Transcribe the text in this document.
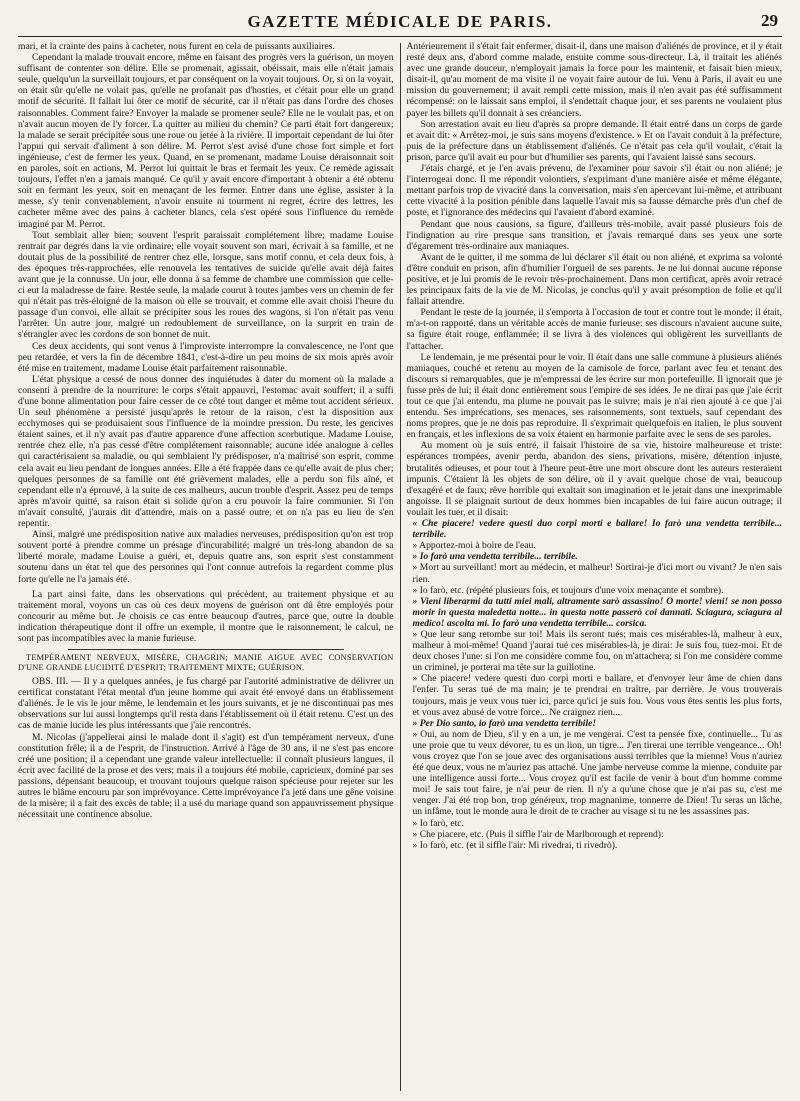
GAZETTE MÉDICALE DE PARIS.	29

mari, et la crainte des pains à cacheter, nous furent en cela de puissants auxiliaires.

Cependant la malade trouvait encore, même en faisant des progrès vers la guérison, un moyen suffisant de contenter son délire. Elle se promenait, agissait, obéissait, mais elle n'était jamais seule, quelqu'un la surveillait toujours, et par conséquent on la voyait toujours. Or, si on la voyait, on était sûr qu'elle ne volait pas, qu'elle ne profanait pas d'hosties, et c'était pour elle un grand motif de sécurité. Il fallait lui ôter ce motif de sécurité, car il n'était pas dans l'ordre des choses raisonnables. Comment faire? Envoyer la malade se promener seule? Elle ne le voulait pas, et on n'avait aucun moyen de l'y forcer. La quitter au milieu du chemin? Ce parti était fort dangereux; la malade se serait précipitée sous une roue ou jetée à la rivière. Il importait cependant de lui ôter l'appui qui servait d'aliment à son délire. M. Perrot s'est avisé d'une chose fort simple et fort ingénieuse, c'est de fermer les yeux. Quand, en se promenant, madame Louise déraisonnait soit en paroles, soit en actions, M. Perrot lui quittait le bras et fermait les yeux. Ce remède agissait toujours, l'effet n'en a jamais manqué. Ce qu'il y avait encore d'important à obtenir a été obtenu soit en fermant les yeux, soit en menaçant de les fermer. Entrer dans une église, assister à la messe, s'y tenir convenablement, n'avoir ensuite ni tourment ni regret, écrire des lettres, les cacheter même avec des pains à cacheter blancs, cela s'est opéré sous l'influence du remède imaginé par M. Perrot.

Tout semblait aller bien; souvent l'esprit paraissait complétement libre; madame Louise rentrait par degrés dans la vie ordinaire; elle voyait souvent son mari, écrivait à sa famille, et ne doutait plus de la possibilité de rentrer chez elle, lorsque, sans motif connu, et cela deux fois, à des époques très-rapprochées, elle renouvela les tentatives de suicide qu'elle avait déjà faites avant que je la connusse. Un jour, elle donna à sa femme de chambre une commission que celle-ci eut la maladresse de faire. Restée seule, la malade courut à toutes jambes vers un chemin de fer qui n'était pas très-éloigné de la maison où elle se trouvait, et comme elle avait choisi l'heure du passage d'un convoi, elle allait se précipiter sous les roues des wagons, si l'on n'était pas venu l'arrêter. Un autre jour, malgré un redoublement de surveillance, on la surprit en train de s'étrangler avec les cordons de son bonnet de nuit.

Ces deux accidents, qui sont venus à l'improviste interrompre la convalescence, ne l'ont que peu retardée, et vers la fin de décembre 1841, c'est-à-dire un peu moins de six mois après avoir été mise en traitement, madame Louise était parfaitement raisonnable.

L'état physique a cessé de nous donner des inquiétudes à dater du moment où la malade a consenti à prendre de la nourriture: le corps s'était appauvri, l'estomac avait souffert; il a suffi d'une bonne alimentation pour faire cesser de ce côté tout danger et même tout accident sérieux. Un seul phénomène a persisté jusqu'après le retour de la raison, c'est la disposition aux ecchymoses qui se produisaient sous l'influence de la moindre pression. Du reste, les gencives étaient saines, et il n'y avait pas d'autre apparence d'une affection scorbutique. Madame Louise, rentrée chez elle, n'a pas cessé d'être complétement raisonnable; aucune idée analogue à celles qui caractérisaient sa maladie, ou qui semblaient l'y prédisposer, n'a maîtrisé son esprit, comme cela avait eu lieu pendant de longues années. Elle a été frappée dans ce qu'elle avait de plus cher; quelques personnes de sa famille ont été grièvement malades, elle a perdu son fils aîné, et cependant elle n'a éprouvé, à la suite de ces malheurs, aucun trouble d'esprit. Assez peu de temps après m'avoir quitté, sa raison était si solide qu'on a cru pouvoir la faire communier. Si l'on m'avait consulté, j'aurais dit d'attendre, mais on a passé outre, et on n'a pas eu lieu de s'en repentir.

Ainsi, malgré une prédisposition native aux maladies nerveuses, prédisposition qu'on est trop souvent porté à prendre comme un présage d'incurabilité; malgré un très-long abandon de sa liberté morale, madame Louise a guéri, et, depuis quatre ans, son esprit s'est constamment soutenu dans un état tel que des personnes qui l'ont connue autrefois la regardent comme plus forte qu'elle ne l'a jamais été.

La part ainsi faite, dans les observations qui précèdent, au traitement physique et au traitement moral, voyons un cas où ces deux moyens de guérison ont dû être employés pour concourir au même but. Je choisis ce cas entre beaucoup d'autres, parce que, outre la double indication thérapeutique dont il offre un exemple, il montre que le raisonnement, le calcul, ne sont pas incompatibles avec la manie furieuse.

TEMPÉRAMENT NERVEUX, MISÈRE, CHAGRIN; MANIE AIGUE AVEC CONSERVATION D'UNE GRANDE LUCIDITÉ D'ESPRIT; TRAITEMENT MIXTE; GUÉRISON.

OBS. III. — Il y a quelques années, je fus chargé par l'autorité administrative de délivrer un certificat constatant l'état mental d'un jeune homme qui avait été envoyé dans un établissement d'aliénés. Je le vis le jour même, le lendemain et les jours suivants, et je ne discontinuai pas mes observations sur lui aussi longtemps qu'il resta dans l'établissement où il était retenu. C'est un des cas de manie lucide les plus intéressants que j'aie rencontrés.

M. Nicolas (j'appellerai ainsi le malade dont il s'agit) est d'un tempérament nerveux, d'une constitution frêle; il a de l'esprit, de l'instruction. Arrivé à l'âge de 30 ans, il ne s'est pas encore créé une position; il a cependant une grande valeur intellectuelle: il connaît plusieurs langues, il écrit avec facilité de la prose et des vers; mais il a toujours été mobile, capricieux, dominé par ses passions, dépensant beaucoup, et trouvant toujours quelque raison spécieuse pour rejeter sur les autres le blâme encouru par son imprévoyance. Cette imprévoyance l'a jeté dans une gêne voisine de la misère; il a fait des excès de table; il a usé du mariage quand son appauvrissement physique nécessitait une continence absolue.

Antérieurement il s'était fait enfermer, disait-il, dans une maison d'aliénés de province, et il y était resté deux ans, d'abord comme malade, ensuite comme sous-directeur. Là, il traitait les aliénés avec une grande douceur, n'employait jamais la force pour les maintenir, et faisait bien mieux, disait-il, qu'au moment de ma visite il ne voyait faire autour de lui. Venu à Paris, il avait eu une mission du gouvernement; il avait rempli cette mission, mais il n'en avait pas été suffisamment récompensé: on le laissait sans emploi, il s'endettait chaque jour, et ses parents ne voulaient plus payer les billets qu'il donnait à ses créanciers.

Son arrestation avait eu lieu d'après sa propre demande. Il était entré dans un corps de garde et avait dit: « Arrêtez-moi, je suis sans moyens d'existence. » Et on l'avait conduit à la préfecture, puis de la préfecture dans un établissement d'aliénés. Ce n'était pas cela qu'il voulait, c'était la prison, parce qu'il avait eu pour but d'humilier ses parents, qui l'avaient laissé sans secours.

J'étais chargé, et je l'en avais prévenu, de l'examiner pour savoir s'il était ou non aliéné; je l'interrogeai donc. Il me répondit volontiers, s'exprimant d'une manière aisée et même élégante, mettant parfois trop de vivacité dans la conversation, mais s'en apercevant lui-même, et attribuant cette vivacité à la position pénible dans laquelle l'avait mis sa fausse démarche près d'un chef de poste, et l'ignorance des médecins qui l'avaient d'abord examiné.

Pendant que nous causions, sa figure, d'ailleurs très-mobile, avait passé plusieurs fois de l'indignation au rire presque sans transition, et j'avais remarqué dans ses yeux une sorte d'égarement très-ordinaire aux maniaques.

Avant de le quitter, il me somma de lui déclarer s'il était ou non aliéné, et exprima sa volonté d'être conduit en prison, afin d'humilier l'orgueil de ses parents. Je ne lui donnai aucune réponse positive, et je lui promis de le revoir très-prochainement. Dans mon certificat, après avoir retracé les principaux faits de la vie de M. Nicolas, je conclus qu'il y avait présomption de folie et qu'il fallait attendre.

Pendant le reste de la journée, il s'emporta à l'occasion de tout et contre tout le monde; il était, m'a-t-on rapporté, dans un véritable accès de manie furieuse: ses discours n'avaient aucune suite, sa figure était rouge, enflammée; il se livra à des violences qui obligèrent les surveillants de l'attacher.

Le lendemain, je me présentai pour le voir. Il était dans une salle commune à plusieurs aliénés maniaques, couché et retenu au moyen de la camisole de force, parlant avec feu et tenant des discours si remarquables, que je m'empressai de les écrire sur mon portefeuille. Il ignorait que je fusse près de lui; il était donc entièrement sous l'empire de ses idées. Je ne dirai pas que j'aie écrit tout ce que j'ai entendu, ma plume ne pouvait pas le suivre; mais je n'ai rien ajouté à ce que j'ai entendu. Ses imprécations, ses menaces, ses raisonnements, sont textuels, sauf cependant des noms propres, que je ne dois pas reproduire. Il s'exprimait quelquefois en italien, le plus souvent en français, et les inflexions de sa voix étaient en harmonie parfaite avec le sens de ses paroles.

Au moment où je suis entré, il faisait l'histoire de sa vie, histoire malheureuse et triste: espérances trompées, avenir perdu, abandon des siens, privations, misère, détention injuste, brutalités odieuses, et pour tout à l'heure peut-être une mort obscure dont les auteurs resteraient impunis. C'étaient là les objets de son délire, où il y avait quelque chose de vrai, beaucoup d'exagéré et de faux; rêve horrible qui exaltait son imagination et le jetait dans une inexprimable angoisse. Il se plaignait surtout de deux hommes bien incapables de lui faire aucun outrage; il voulait les tuer, et il disait:

« Che piacere! vedere questi duo corpi morti e ballare! Io farò una vendetta terribile... terribile.

» Apportez-moi à boire de l'eau.

» Io farò una vendetta terribile... terribile.

» Mort au surveillant! mort au médecin, et malheur! Sortirai-je d'ici mort ou vivant? Je n'en sais rien.

» Io farò, etc. (répété plusieurs fois, et toujours d'une voix menaçante et sombre).

» Vieni liberarmi da tutti miei mali, altramente sarò assassino! O morte! vieni! se non posso morir in questa maledetta notte... in questa notte passerò coi dannati. Sciagura, sciagura al medico! ascolta mi. Io farò una vendetta terribile... corsica.

» Que leur sang retombe sur toi! Mais ils seront tués; mais ces misérables-là, malheur à eux, malheur à moi-même! Quand j'aurai tué ces misérables-là, je dirai: Je suis fou, tuez-moi. Et de deux choses l'une: si l'on me considère comme fou, on m'attachera; si l'on me considère comme un criminel, je porterai ma tête sur la guillotine.

» Che piacere! vedere questi duo corpi morti e ballare, et d'envoyer leur âme de chien dans l'enfer. Tu seras tué de ma main; je te prendrai en traître, par derrière. Je vous trouverais toujours, mais je veux vous tuer ici, parce qu'ici je suis fou. Vous vous êtes sentis les plus forts, et vous avez abusé de votre force... Ne craignez rien...

» Per Dio santo, io farò una vendetta terribile!

» Oui, au nom de Dieu, s'il y en a un, je me vengerai. C'est ta pensée fixe, continuelle... Tu as une proie que tu veux dévorer, tu es un lion, un tigre... J'en tirerai une terrible vengeance... Oh! vous croyez que l'on se joue avec des organisations aussi terribles que la mienne! Vous n'auriez été que deux, vous ne m'auriez pas attaché. Une jambe nerveuse comme la mienne, conduite par une intelligence aussi forte... Vous croyez qu'il est facile de venir à bout d'un homme comme moi! Je sais tout faire, je n'ai peur de rien. Il n'y a qu'une chose que je n'ai pas su, c'est me venger. J'ai été trop bon, trop généreux, trop magnanime, tonnerre de Dieu! Tu seras un lâche, un infâme, tout le monde aura le droit de te cracher au visage si tu ne les assassines pas.

» Io farò, etc.

» Che piacere, etc. (Puis il siffle l'air de Marlborough et reprend):

» Io farò, etc. (et il siffle l'air: Mi rivedrai, ti rivedrò).
